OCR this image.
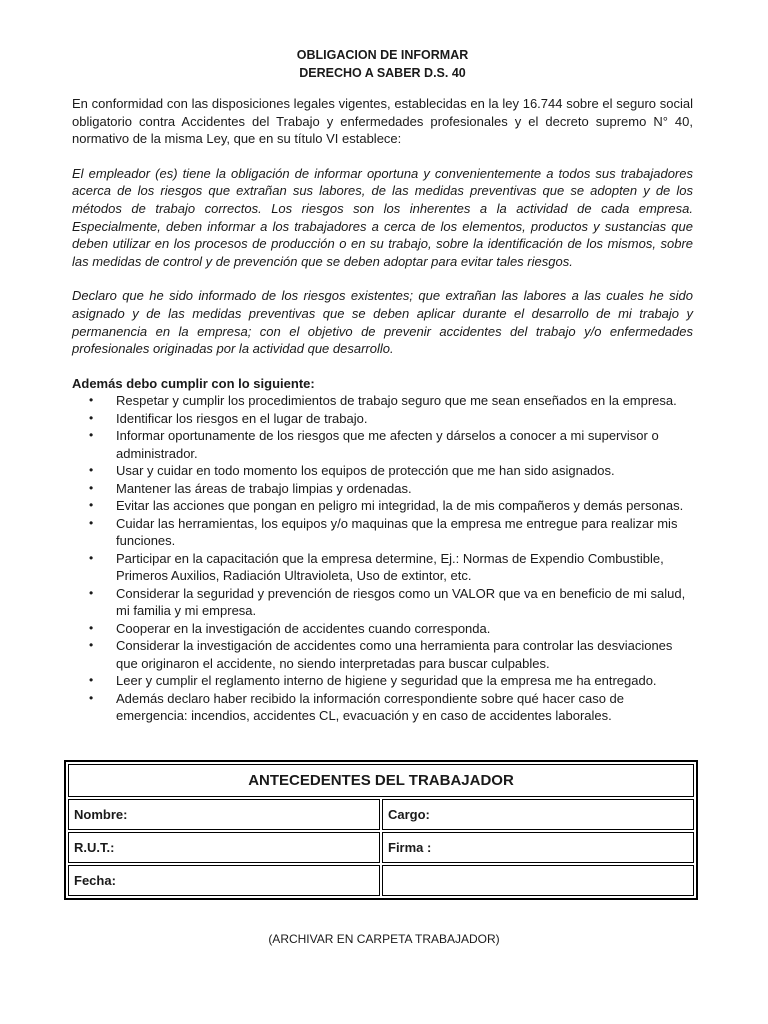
OBLIGACION DE INFORMAR

DERECHO A SABER D.S. 40

En conformidad con las disposiciones legales vigentes, establecidas en la ley 16.744 sobre el seguro social obligatorio contra Accidentes del Trabajo y enfermedades profesionales y el decreto supremo N° 40, normativo de la misma Ley, que en su título VI establece:

El empleador (es) tiene la obligación de informar oportuna y convenientemente a todos sus trabajadores acerca de los riesgos que extrañan sus labores, de las medidas preventivas que se adopten y de los métodos de trabajo correctos. Los riesgos son los inherentes a la actividad de cada empresa. Especialmente, deben informar a los trabajadores a cerca de los elementos, productos y sustancias que deben utilizar en los procesos de producción o en su trabajo, sobre la identificación de los mismos, sobre las medidas de control y de prevención que se deben adoptar para evitar tales riesgos.

Declaro que he sido informado de los riesgos existentes; que extrañan las labores a las cuales he sido asignado y de las medidas preventivas que se deben aplicar durante el desarrollo de mi trabajo y permanencia en la empresa; con el objetivo de prevenir accidentes del trabajo y/o enfermedades profesionales originadas por la actividad que desarrollo.

Además debo cumplir con lo siguiente:
• Respetar y cumplir los procedimientos de trabajo seguro que me sean enseñados en la empresa.
• Identificar los riesgos en el lugar de trabajo.
• Informar oportunamente de los riesgos que me afecten y dárselos a conocer a mi supervisor o administrador.
• Usar y cuidar en todo momento los equipos de protección que me han sido asignados.
• Mantener las áreas de trabajo limpias y ordenadas.
• Evitar las acciones que pongan en peligro mi integridad, la de mis compañeros y demás personas.
• Cuidar las herramientas, los equipos y/o maquinas que la empresa me entregue para realizar mis funciones.
• Participar en la capacitación que la empresa determine, Ej.: Normas de Expendio Combustible, Primeros Auxilios, Radiación Ultravioleta, Uso de extintor, etc.
• Considerar la seguridad y prevención de riesgos como un VALOR que va en beneficio de mi salud, mi familia y mi empresa.
• Cooperar en la investigación de accidentes cuando corresponda.
• Considerar la investigación de accidentes como una herramienta para controlar las desviaciones que originaron el accidente, no siendo interpretadas para buscar culpables.
• Leer y cumplir el reglamento interno de higiene y seguridad que la empresa me ha entregado.
• Además declaro haber recibido la información correspondiente sobre qué hacer caso de emergencia: incendios, accidentes CL, evacuación y en caso de accidentes laborales.
ANTECEDENTES DEL TRABAJADOR	
Nombre:	Cargo:
R.U.T.:	Firma :
Fecha:	
(ARCHIVAR EN CARPETA TRABAJADOR)
